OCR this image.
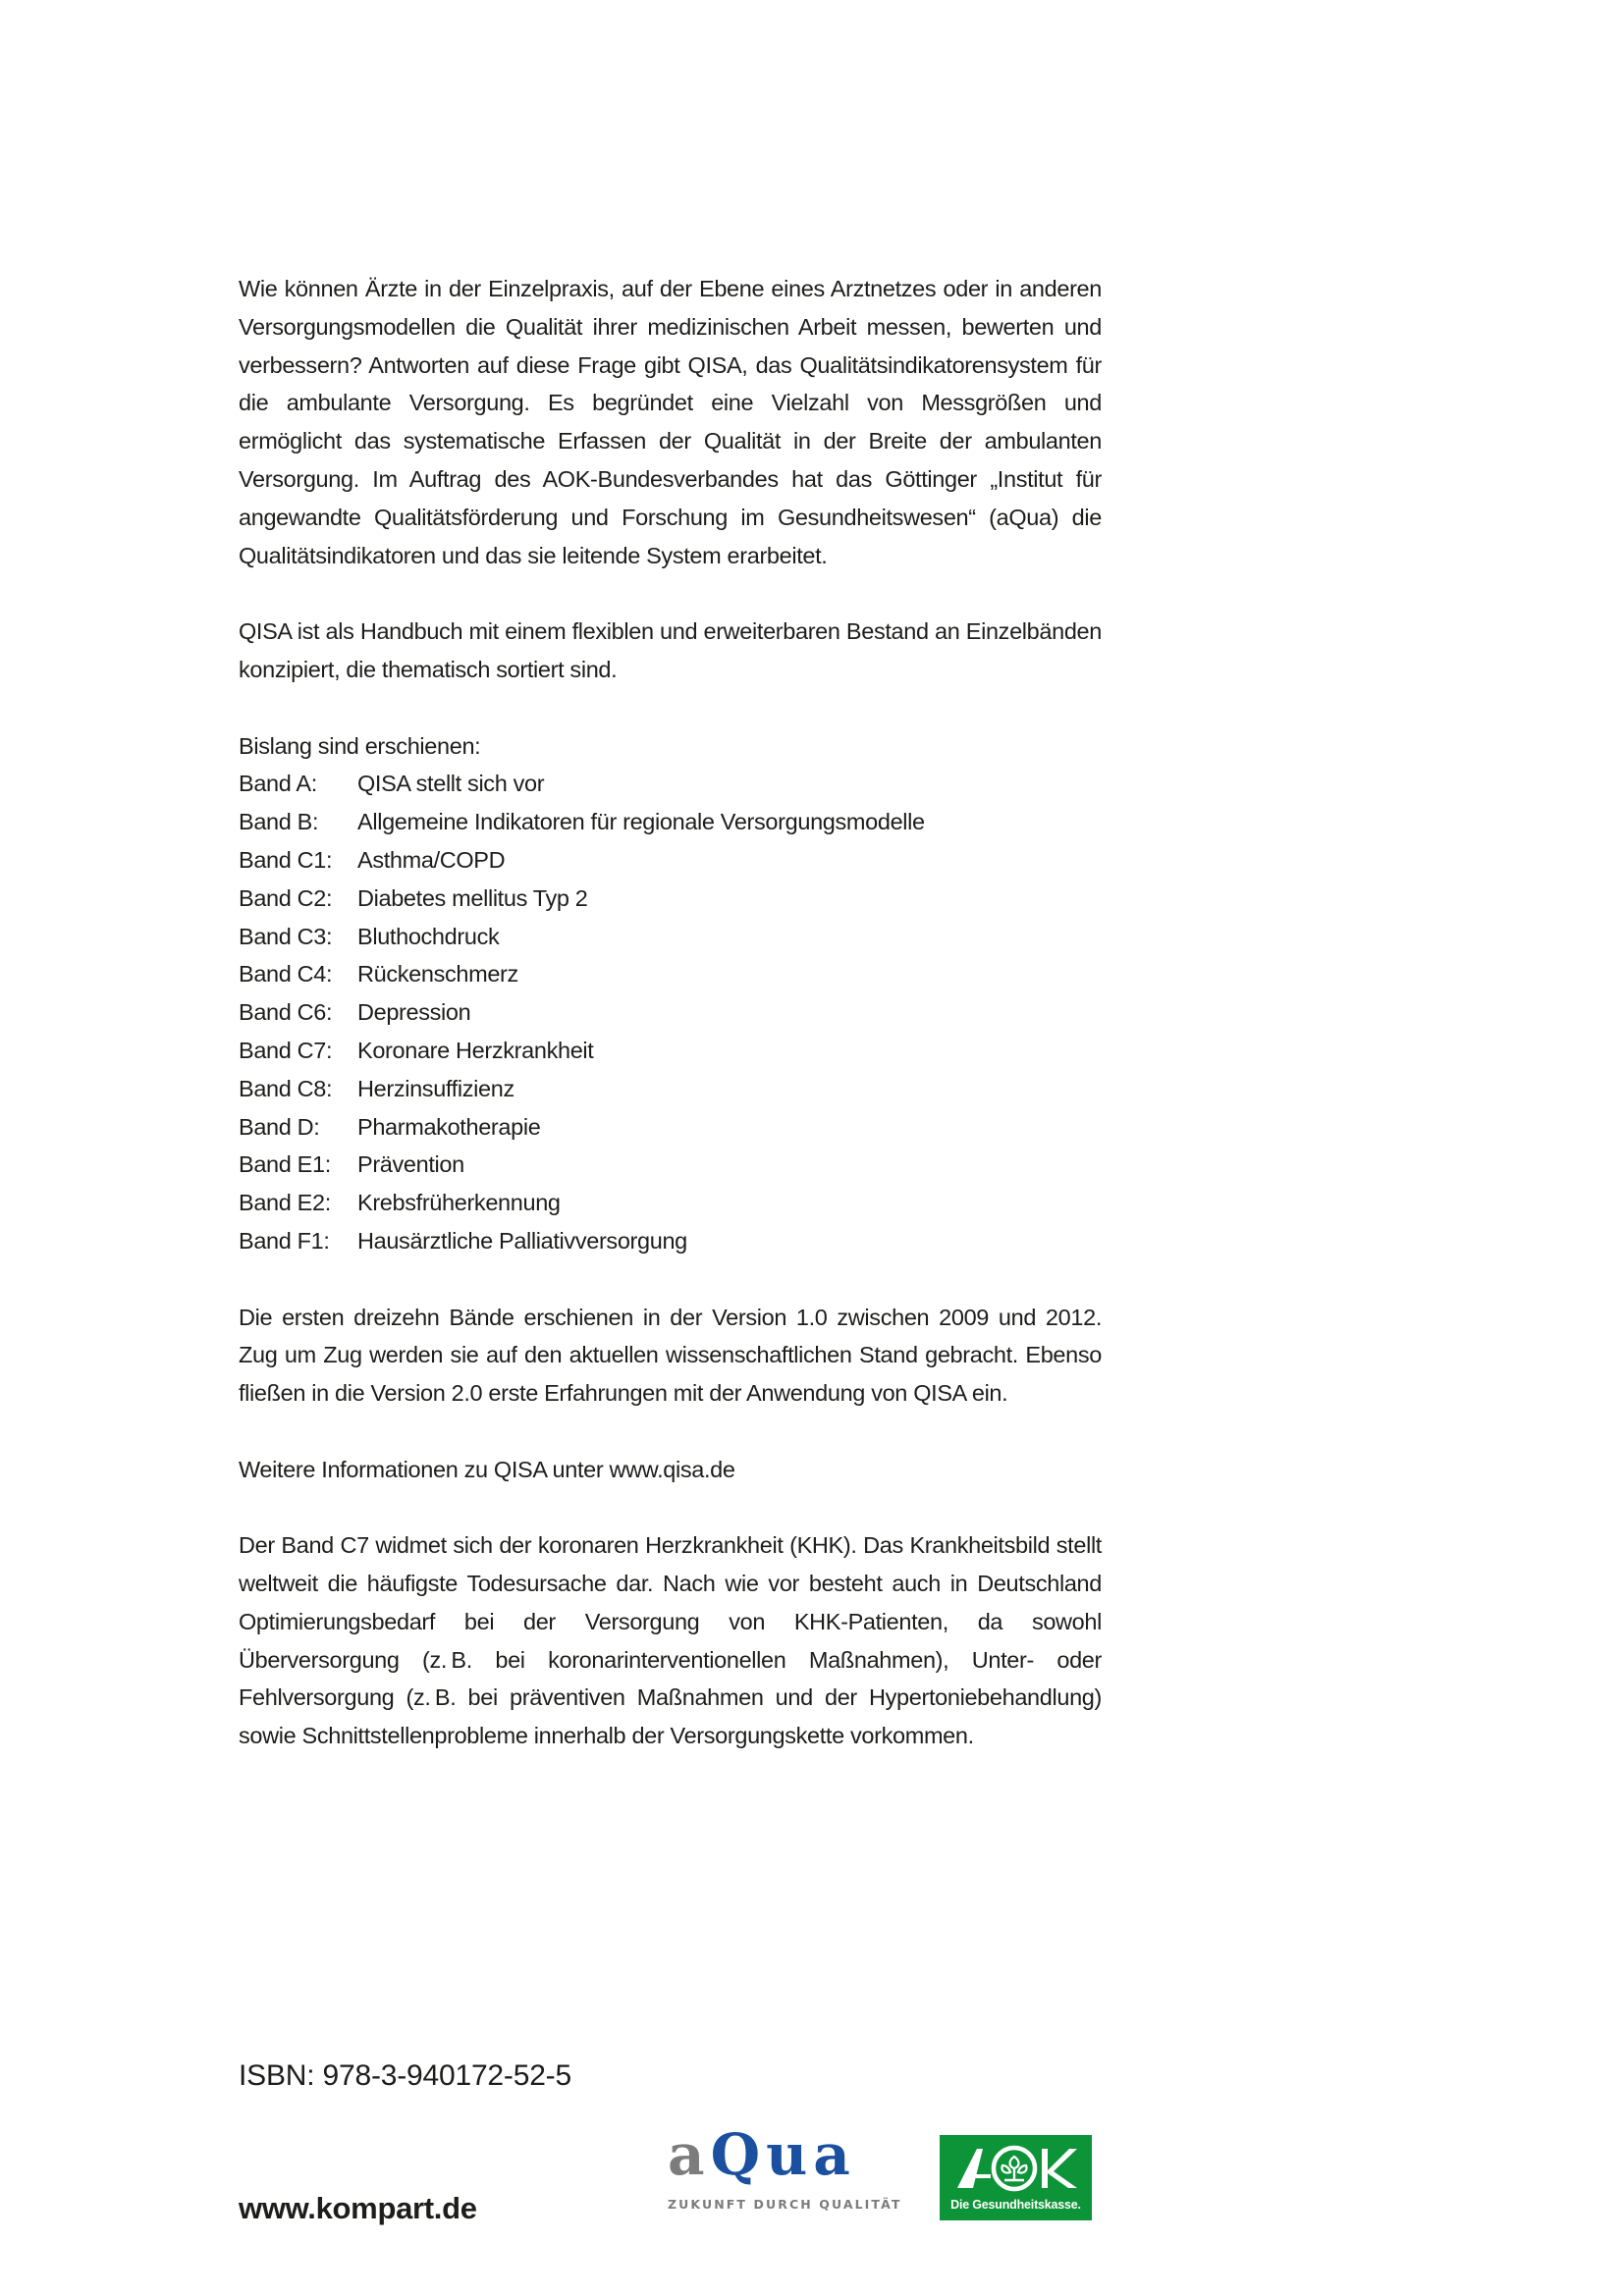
Wie können Ärzte in der Einzelpraxis, auf der Ebene eines Arztnetzes oder in anderen Versorgungsmodellen die Qualität ihrer medizinischen Arbeit messen, bewerten und verbessern? Antworten auf diese Frage gibt QISA, das Qualitätsindikatorensystem für die ambulante Versorgung. Es begründet eine Vielzahl von Messgrößen und ermöglicht das systematische Erfassen der Qualität in der Breite der ambulanten Versorgung. Im Auftrag des AOK-Bundesverbandes hat das Göttinger „Institut für angewandte Qualitätsförderung und Forschung im Gesundheitswesen“ (aQua) die Qualitätsindikatoren und das sie leitende System erarbeitet.

QISA ist als Handbuch mit einem flexiblen und erweiterbaren Bestand an Einzelbänden konzipiert, die thematisch sortiert sind.

Bislang sind erschienen:

Band A:	QISA stellt sich vor
Band B:	Allgemeine Indikatoren für regionale Versorgungsmodelle
Band C1:	Asthma/COPD
Band C2:	Diabetes mellitus Typ 2
Band C3:	Bluthochdruck
Band C4:	Rückenschmerz
Band C6:	Depression
Band C7:	Koronare Herzkrankheit
Band C8:	Herzinsuffizienz
Band D:	Pharmakotherapie
Band E1:	Prävention
Band E2:	Krebsfrüherkennung
Band F1:	Hausärztliche Palliativversorgung

Die ersten dreizehn Bände erschienen in der Version 1.0 zwischen 2009 und 2012. Zug um Zug werden sie auf den aktuellen wissenschaftlichen Stand gebracht. Ebenso fließen in die Version 2.0 erste Erfahrungen mit der Anwendung von QISA ein.

Weitere Informationen zu QISA unter www.qisa.de

Der Band C7 widmet sich der koronaren Herzkrankheit (KHK). Das Krankheitsbild stellt weltweit die häufigste Todesursache dar. Nach wie vor besteht auch in Deutschland Optimierungsbedarf bei der Versorgung von KHK-Patienten, da sowohl Überversorgung (z. B. bei koronarinterventionellen Maßnahmen), Unter- oder Fehlversorgung (z. B. bei präventiven Maßnahmen und der Hypertoniebehandlung) sowie Schnittstellenprobleme innerhalb der Versorgungskette vorkommen.

ISBN: 978-3-940172-52-5
www.kompart.de
aQua
ZUKUNFT DURCH QUALITÄT	Die Gesundheitskasse.
